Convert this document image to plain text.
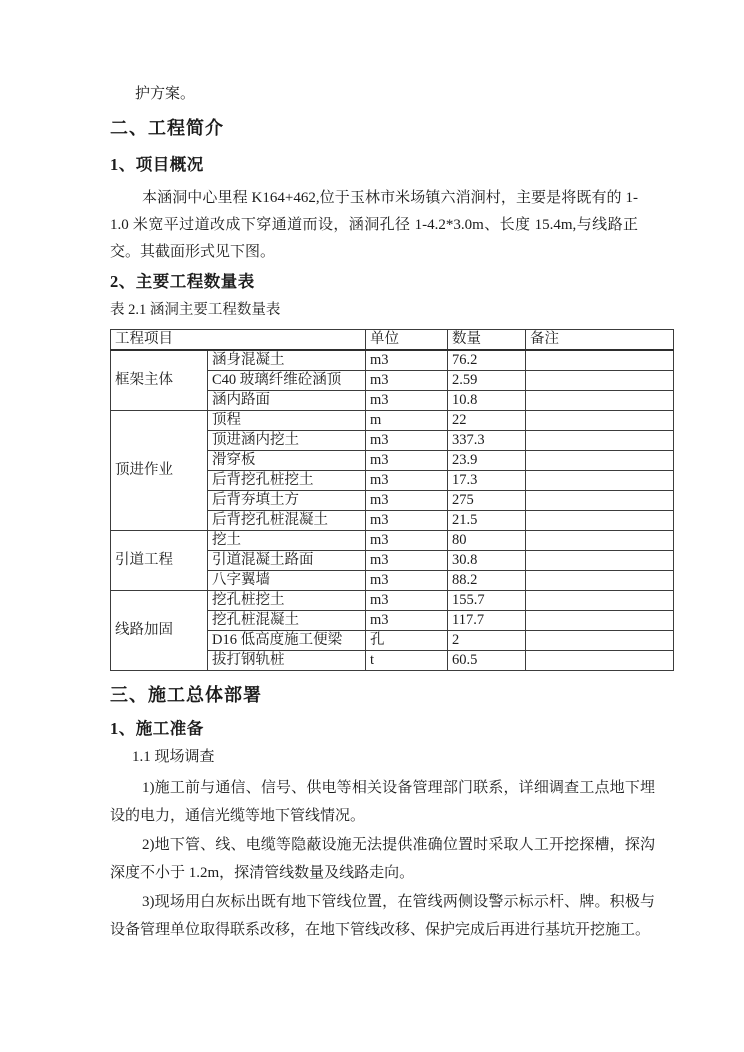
护方案。

二、工程简介
1、项目概况

本涵洞中心里程 K164+462,位于玉林市米场镇六消涧村，主要是将既有的 1-1.0 米宽平过道改成下穿通道而设，涵洞孔径 1-4.2*3.0m、长度 15.4m,与线路正交。其截面形式见下图。

2、主要工程数量表

表 2.1 涵洞主要工程数量表

工程项目		单位	数量	备注
框架主体	涵身混凝土	m3	76.2	
	C40 玻璃纤维砼涵顶	m3	2.59	
	涵内路面	m3	10.8	
顶进作业	顶程	m	22	
	顶进涵内挖土	m3	337.3	
	滑穿板	m3	23.9	
	后背挖孔桩挖土	m3	17.3	
	后背夯填土方	m3	275	
	后背挖孔桩混凝土	m3	21.5	
引道工程	挖土	m3	80	
	引道混凝土路面	m3	30.8	
	八字翼墙	m3	88.2	
线路加固	挖孔桩挖土	m3	155.7	
	挖孔桩混凝土	m3	117.7	
	D16 低高度施工便梁	孔	2	
	拔打钢轨桩	t	60.5	
三、施工总体部署
1、施工准备

1.1 现场调查

1)施工前与通信、信号、供电等相关设备管理部门联系，详细调查工点地下埋设的电力，通信光缆等地下管线情况。

2)地下管、线、电缆等隐蔽设施无法提供准确位置时采取人工开挖探槽，探沟深度不小于 1.2m，探清管线数量及线路走向。

3)现场用白灰标出既有地下管线位置，在管线两侧设警示标示杆、牌。积极与设备管理单位取得联系改移，在地下管线改移、保护完成后再进行基坑开挖施工。
